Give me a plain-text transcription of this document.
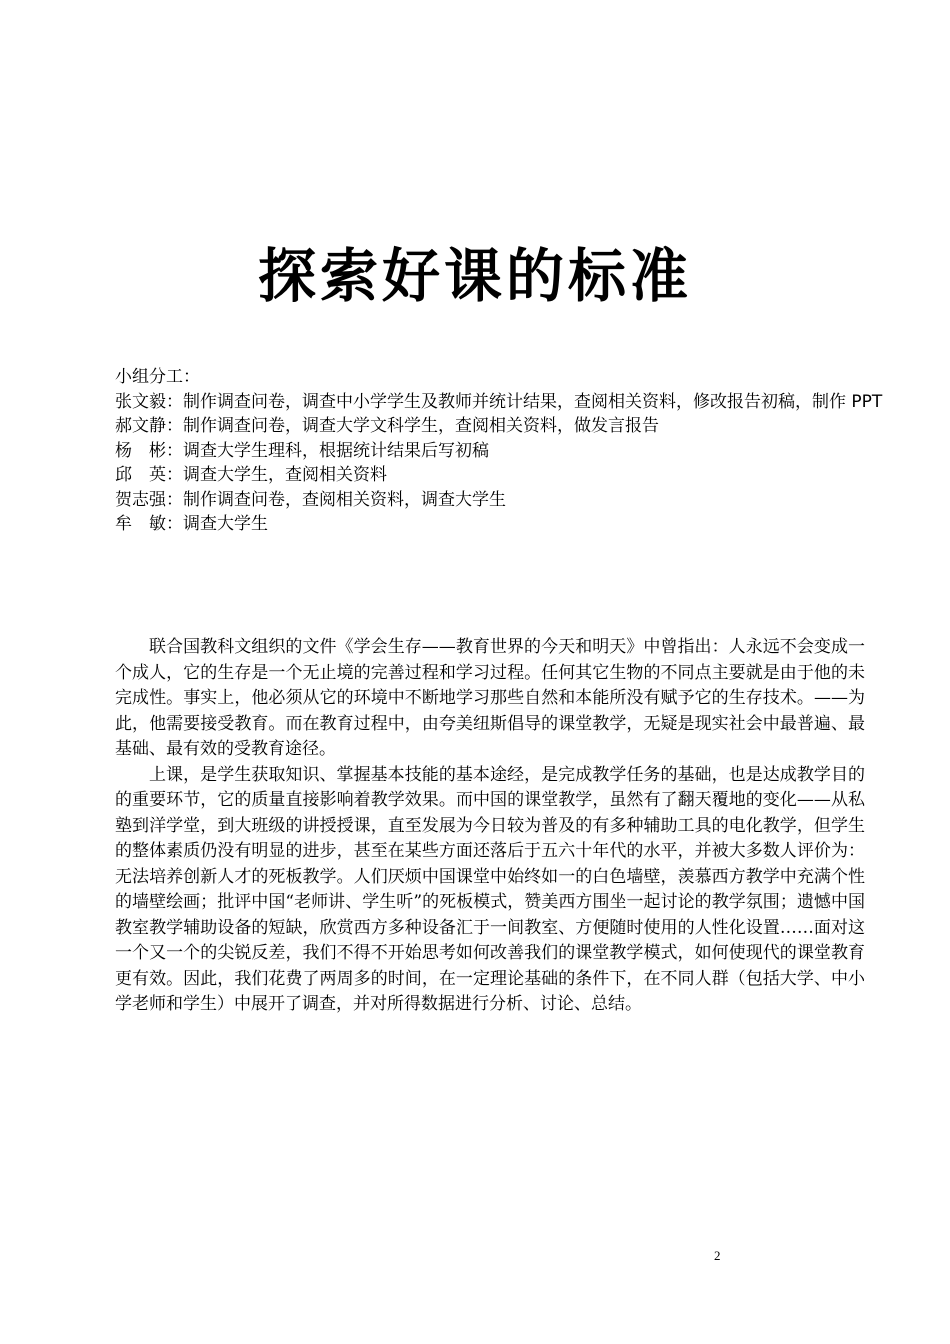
探索好课的标准
小组分工：
张文毅：制作调查问卷，调查中小学学生及教师并统计结果，查阅相关资料，修改报告初稿，制作 PPT
郝文静：制作调查问卷，调查大学文科学生，查阅相关资料，做发言报告
杨　彬：调查大学生理科，根据统计结果后写初稿
邱　英：调查大学生，查阅相关资料
贺志强：制作调查问卷，查阅相关资料，调查大学生
牟　敏：调查大学生

联合国教科文组织的文件《学会生存——教育世界的今天和明天》中曾指出：人永远不会变成一个成人，它的生存是一个无止境的完善过程和学习过程。任何其它生物的不同点主要就是由于他的未完成性。事实上，他必须从它的环境中不断地学习那些自然和本能所没有赋予它的生存技术。——为此，他需要接受教育。而在教育过程中，由夸美纽斯倡导的课堂教学，无疑是现实社会中最普遍、最基础、最有效的受教育途径。

上课，是学生获取知识、掌握基本技能的基本途经，是完成教学任务的基础，也是达成教学目的的重要环节，它的质量直接影响着教学效果。而中国的课堂教学，虽然有了翻天覆地的变化——从私塾到洋学堂，到大班级的讲授授课，直至发展为今日较为普及的有多种辅助工具的电化教学，但学生的整体素质仍没有明显的进步，甚至在某些方面还落后于五六十年代的水平，并被大多数人评价为：无法培养创新人才的死板教学。人们厌烦中国课堂中始终如一的白色墙壁，羡慕西方教学中充满个性的墙壁绘画；批评中国“老师讲、学生听”的死板模式，赞美西方围坐一起讨论的教学氛围；遗憾中国教室教学辅助设备的短缺，欣赏西方多种设备汇于一间教室、方便随时使用的人性化设置……面对这一个又一个的尖锐反差，我们不得不开始思考如何改善我们的课堂教学模式，如何使现代的课堂教育更有效。因此，我们花费了两周多的时间，在一定理论基础的条件下，在不同人群（包括大学、中小学老师和学生）中展开了调查，并对所得数据进行分析、讨论、总结。

2
